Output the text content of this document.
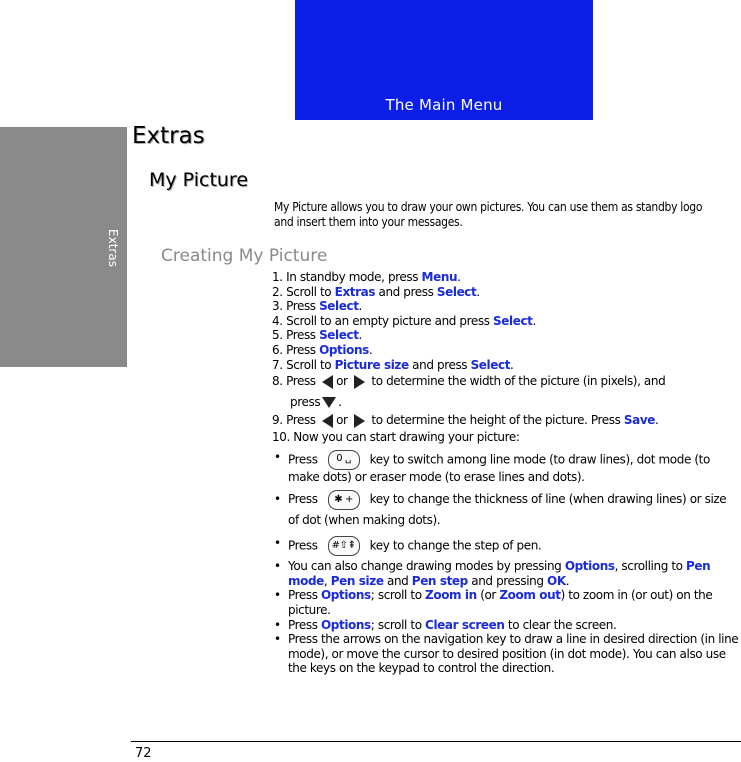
The Main Menu
Extras
Extras
My Picture
My Picture allows you to draw your own pictures. You can use them as standby logo and insert them into your messages.
Creating My Picture
1. In standby mode, press Menu.
2. Scroll to Extras and press Select.
3. Press Select.
4. Scroll to an empty picture and press Select.
5. Press Select.
6. Press Options.
7. Scroll to Picture size and press Select.
8. Press or to determine the width of the picture (in pixels), and
press .
9. Press or to determine the height of the picture. Press Save.
10. Now you can start drawing your picture:
• Press 0 ␣ key to switch among line mode (to draw lines), dot mode (to make dots) or eraser mode (to erase lines and dots).
• Press ✱ + key to change the thickness of line (when drawing lines) or size of dot (when making dots).
• Press #⇧⇞ key to change the step of pen.
• You can also change drawing modes by pressing Options, scrolling to Pen mode, Pen size and Pen step and pressing OK.
• Press Options; scroll to Zoom in (or Zoom out) to zoom in (or out) on the picture.
• Press Options; scroll to Clear screen to clear the screen.
• Press the arrows on the navigation key to draw a line in desired direction (in line mode), or move the cursor to desired position (in dot mode). You can also use the keys on the keypad to control the direction.
72
